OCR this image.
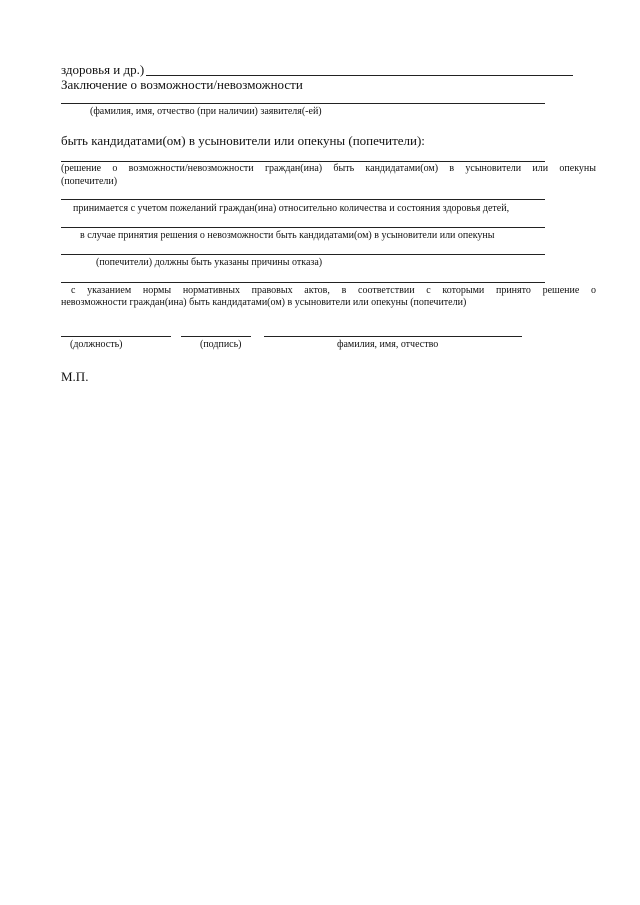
здоровья и др.)
Заключение о возможности/невозможности
(фамилия, имя, отчество (при наличии) заявителя(-ей)
быть кандидатами(ом) в усыновители или опекуны (попечители):
(решение о возможности/невозможности граждан(ина) быть кандидатами(ом) в усыновители или опекуны
(попечители)
принимается с учетом пожеланий граждан(ина) относительно количества и состояния здоровья детей,
в случае принятия решения о невозможности быть кандидатами(ом) в усыновители или опекуны
(попечители) должны быть указаны причины отказа)
с указанием нормы нормативных правовых актов, в соответствии с которыми принято решение о
невозможности граждан(ина) быть кандидатами(ом) в усыновители или опекуны (попечители)
(должность)	(подпись)	фамилия, имя, отчество
М.П.
